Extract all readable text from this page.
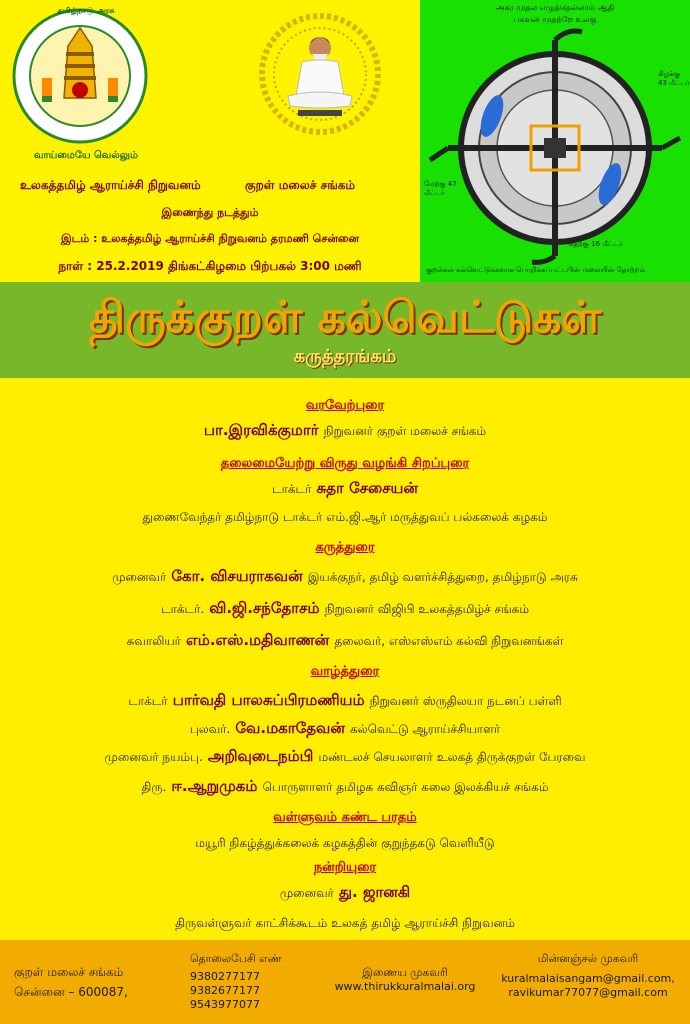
உலகத்தமிழ் ஆராய்ச்சி நிறுவனம்	குறள் மலைச் சங்கம்
இணைந்து நடத்தும்
இடம் : உலகத்தமிழ் ஆராய்ச்சி நிறுவனம் தரமணி சென்னை
நாள் : 25.2.2019 திங்கட்கிழமை பிற்பகல் 3:00 மணி
அகர முதல எழுத்தெல்லாம் ஆதி
பகவன் முதற்றே உலகு
கிழக்கு 43 மீட்டர்
மேற்கு 47 மீட்டர்
தெற்கு 16 மீட்டர்
குறள்கள் கல்வெட்டுக்களாக பொறிக்கப்பட்டபின் மலையின் தோற்றம்
வாய்மையே வெல்லும்
தமிழ்நாடு அரசு
திருக்குறள் கல்வெட்டுகள்
கருத்தரங்கம்
வரவேற்புரை
பா.இரவிக்குமார் நிறுவனர் குறள் மலைச் சங்கம்
தலைமையேற்று விருது வழங்கி சிறப்புரை
டாக்டர் சுதா சேசையன்
துணைவேந்தர் தமிழ்நாடு டாக்டர் எம்.ஜி.ஆர் மருத்துவப் பல்கலைக் கழகம்
கருத்துரை
முனைவர் கோ. விசயராகவன் இயக்குநர், தமிழ் வளர்ச்சித்துறை, தமிழ்நாடு அரசு
டாக்டர். வி.ஜி.சந்தோசம் நிறுவனர் விஜிபி உலகத்தமிழ்ச் சங்கம்
சுவாலியர் எம்.எஸ்.மதிவாணன் தலைவர், எஸ்எஸ்எம் கல்வி நிறுவனங்கள்
வாழ்த்துரை
டாக்டர் பார்வதி பாலசுப்பிரமணியம் நிறுவனர் ஸ்ருதிலயா நடனப் பள்ளி
புலவர். வே.மகாதேவன் கல்வெட்டு ஆராய்ச்சியாளர்
முனைவர் நயம்பு. அறிவுடைநம்பி மண்டலச் செயலாளர் உலகத் திருக்குறள் பேரவை
திரு. ஈ.ஆறுமுகம் பொருளாளர் தமிழக கவிஞர் கலை இலக்கியச் சங்கம்
வள்ளுவம் கண்ட பரதம்
மயூரி நிகழ்த்துக்கலைக் கழகத்தின் குறுந்தகடு வெளியீடு
நன்றியுரை
முனைவர் து. ஜானகி
திருவள்ளுவர் காட்சிக்கூடம் உலகத் தமிழ் ஆராய்ச்சி நிறுவனம்
குறள் மலைச் சங்கம்
சென்னை – 600087,
தொலைபேசி எண்
9380277177
9382677177
9543977077
இணைய முகவரி
www.thirukkuralmalai.org
மின்னஞ்சல் முகவரி
kuralmalaisangam@gmail.com,
ravikumar77077@gmail.com
